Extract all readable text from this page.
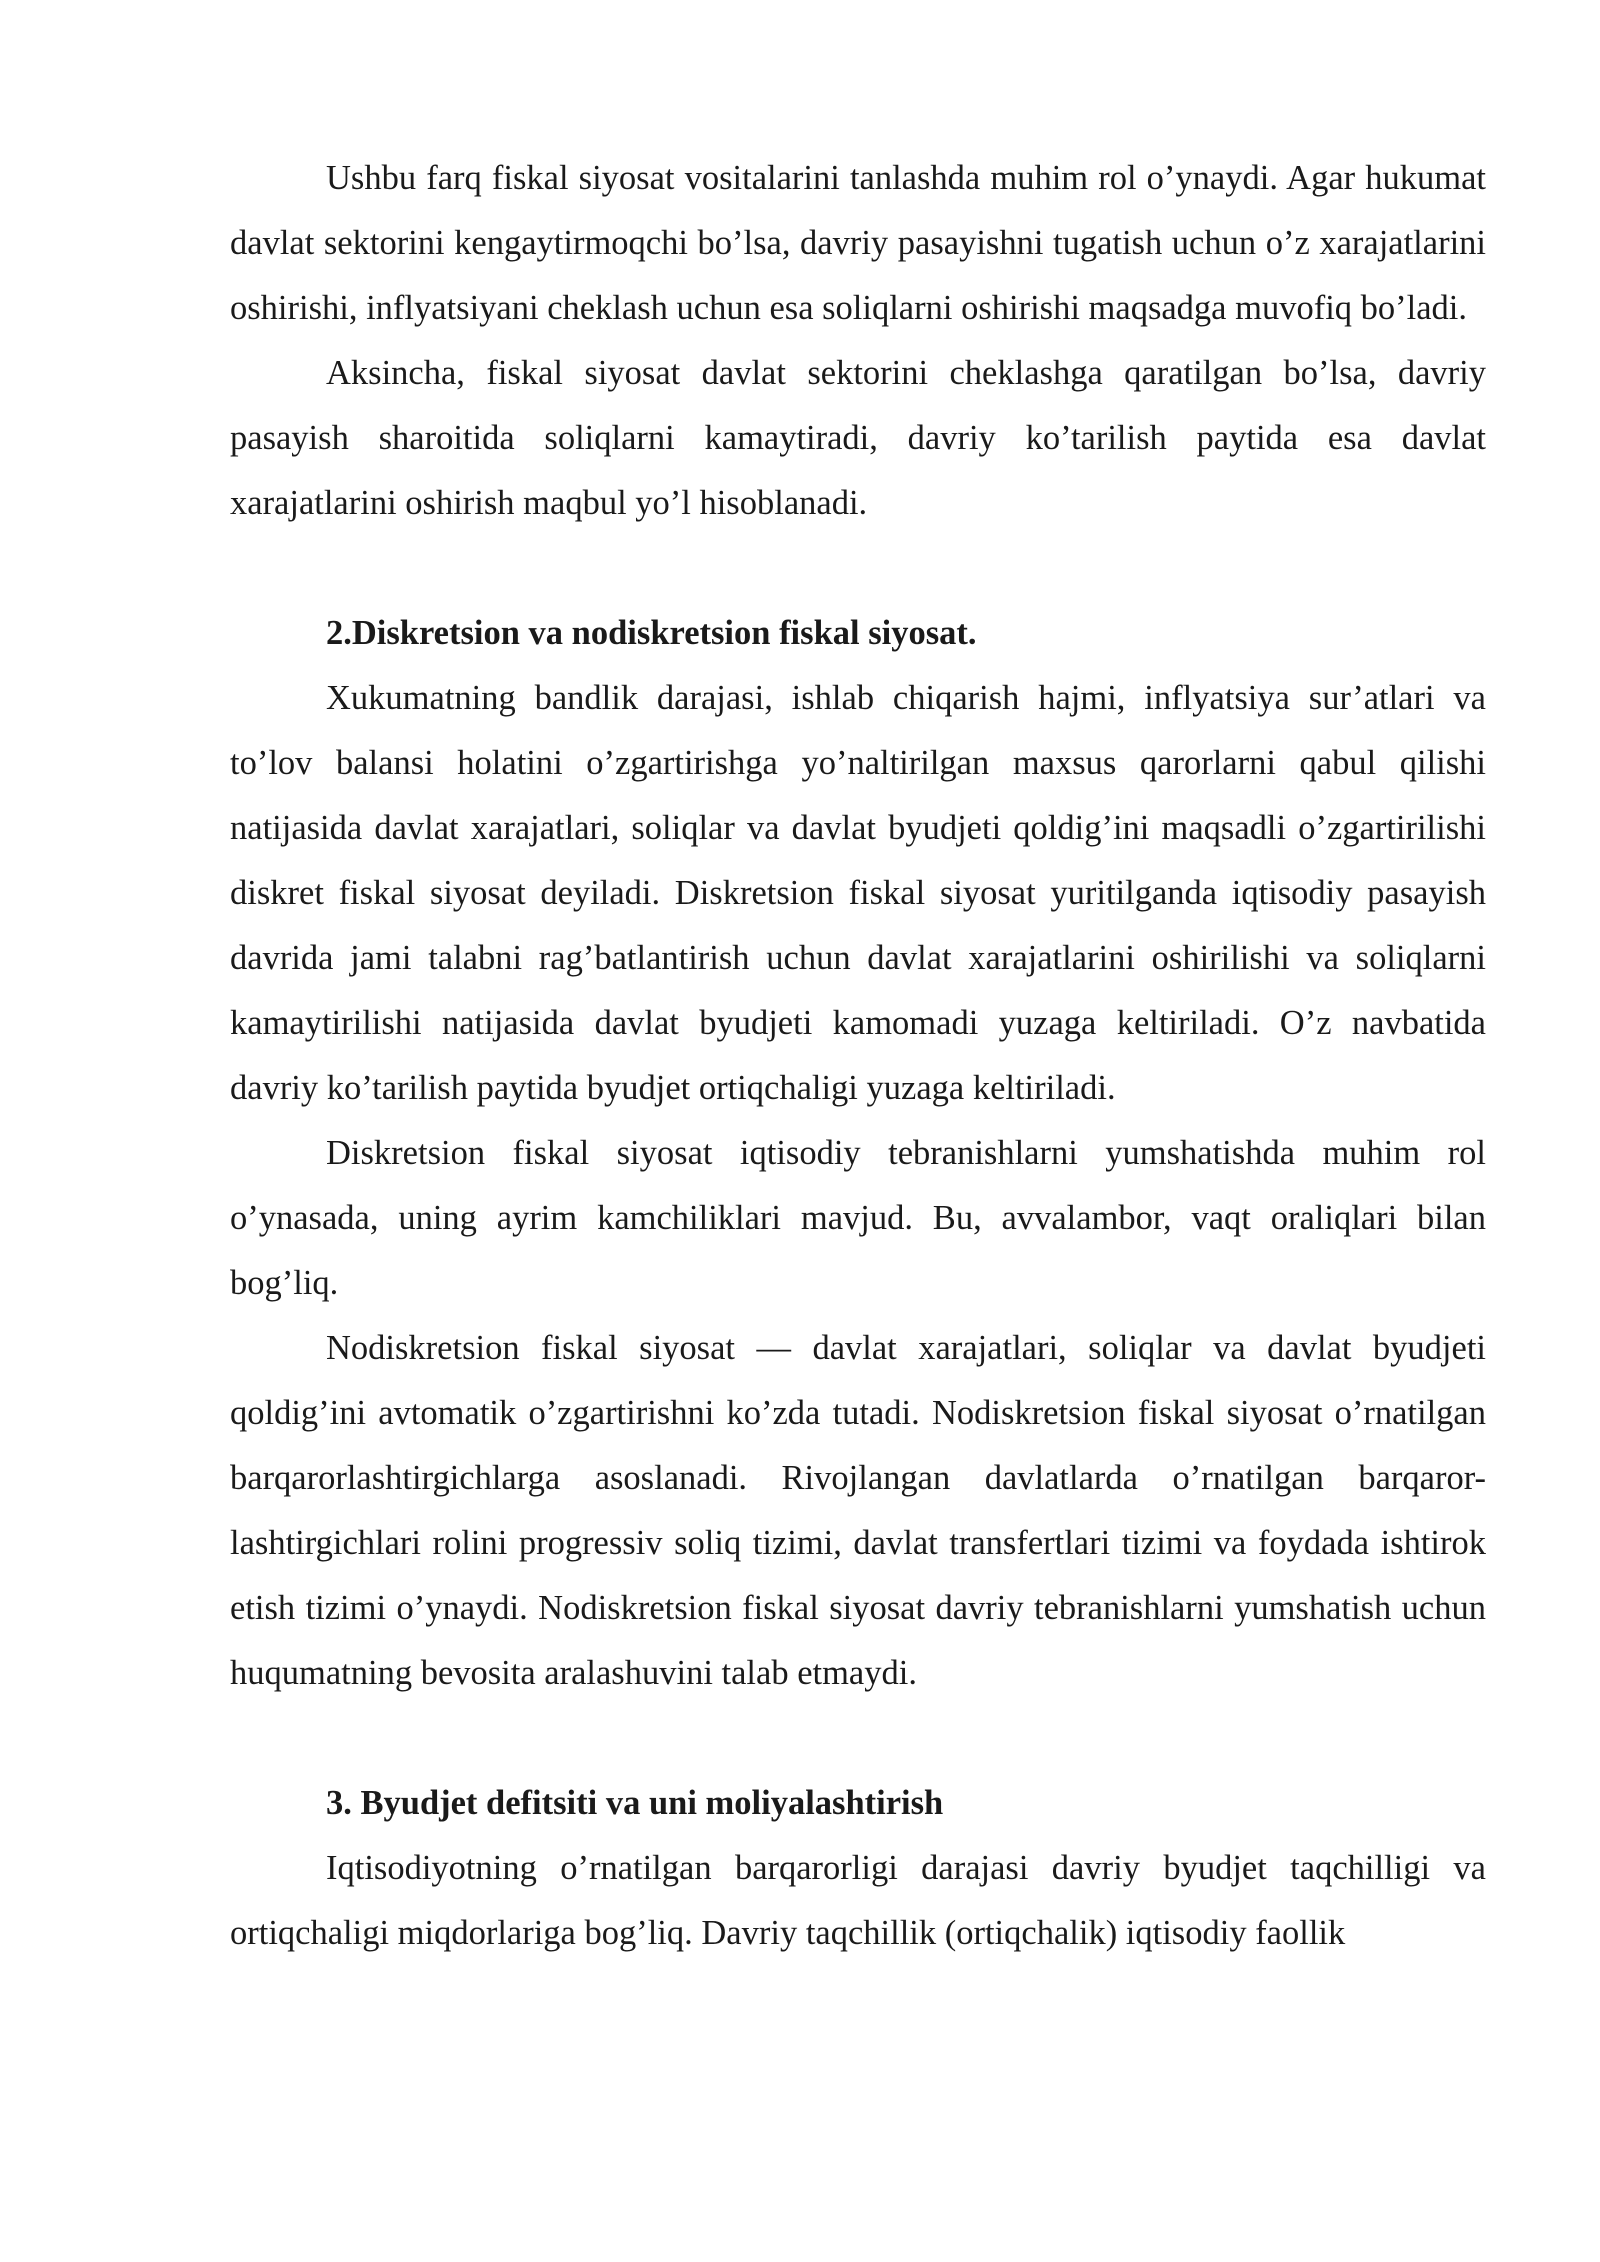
Ushbu farq fiskal siyosat vositalarini tanlashda muhim rol o’ynaydi. Agar hukumat davlat sektorini kengaytirmoqchi bo’lsa, davriy pasayishni tugatish uchun o’z xarajatlarini oshirishi, inflyatsiyani cheklash uchun esa soliqlarni oshirishi maqsadga muvofiq bo’ladi.

Aksincha, fiskal siyosat davlat sektorini cheklashga qaratilgan bo’lsa, davriy pasayish sharoitida soliqlarni kamaytiradi, davriy ko’tarilish paytida esa davlat xarajatlarini oshirish maqbul yo’l hisoblanadi.

2.Diskretsion va nodiskretsion fiskal siyosat.

Xukumatning bandlik darajasi, ishlab chiqarish hajmi, inflyatsiya sur’atlari va to’lov balansi holatini o’zgartirishga yo’naltirilgan maxsus qarorlarni qabul qilishi natijasida davlat xarajatlari, soliqlar va davlat byudjeti qoldig’ini maqsadli o’zgartirilishi diskret fiskal siyosat deyiladi. Diskretsion fiskal siyosat yuritilganda iqtisodiy pasayish davrida jami talabni rag’batlantirish uchun davlat xarajatlarini oshirilishi va soliqlarni kamaytirilishi natijasida davlat byudjeti kamomadi yuzaga keltiriladi. O’z navbatida davriy ko’tarilish paytida byudjet ortiqchaligi yuzaga keltiriladi.

Diskretsion fiskal siyosat iqtisodiy tebranishlarni yumshatishda muhim rol o’ynasada, uning ayrim kamchiliklari mavjud. Bu, avvalambor, vaqt oraliqlari bilan bog’liq.

Nodiskretsion fiskal siyosat — davlat xarajatlari, soliqlar va davlat byudjeti qoldig’ini avtomatik o’zgartirishni ko’zda tutadi. Nodiskretsion fiskal siyosat o’rnatilgan barqarorlashtirgichlarga asoslanadi. Rivojlangan davlatlarda o’rnatilgan barqaror-lashtirgichlari rolini progressiv soliq tizimi, davlat transfertlari tizimi va foydada ishtirok etish tizimi o’ynaydi. Nodiskretsion fiskal siyosat davriy tebranishlarni yumshatish uchun huqumatning bevosita aralashuvini talab etmaydi.

3. Byudjet defitsiti va uni moliyalashtirish

Iqtisodiyotning o’rnatilgan barqarorligi darajasi davriy byudjet taqchilligi va ortiqchaligi miqdorlariga bog’liq. Davriy taqchillik (ortiqchalik) iqtisodiy faollik
